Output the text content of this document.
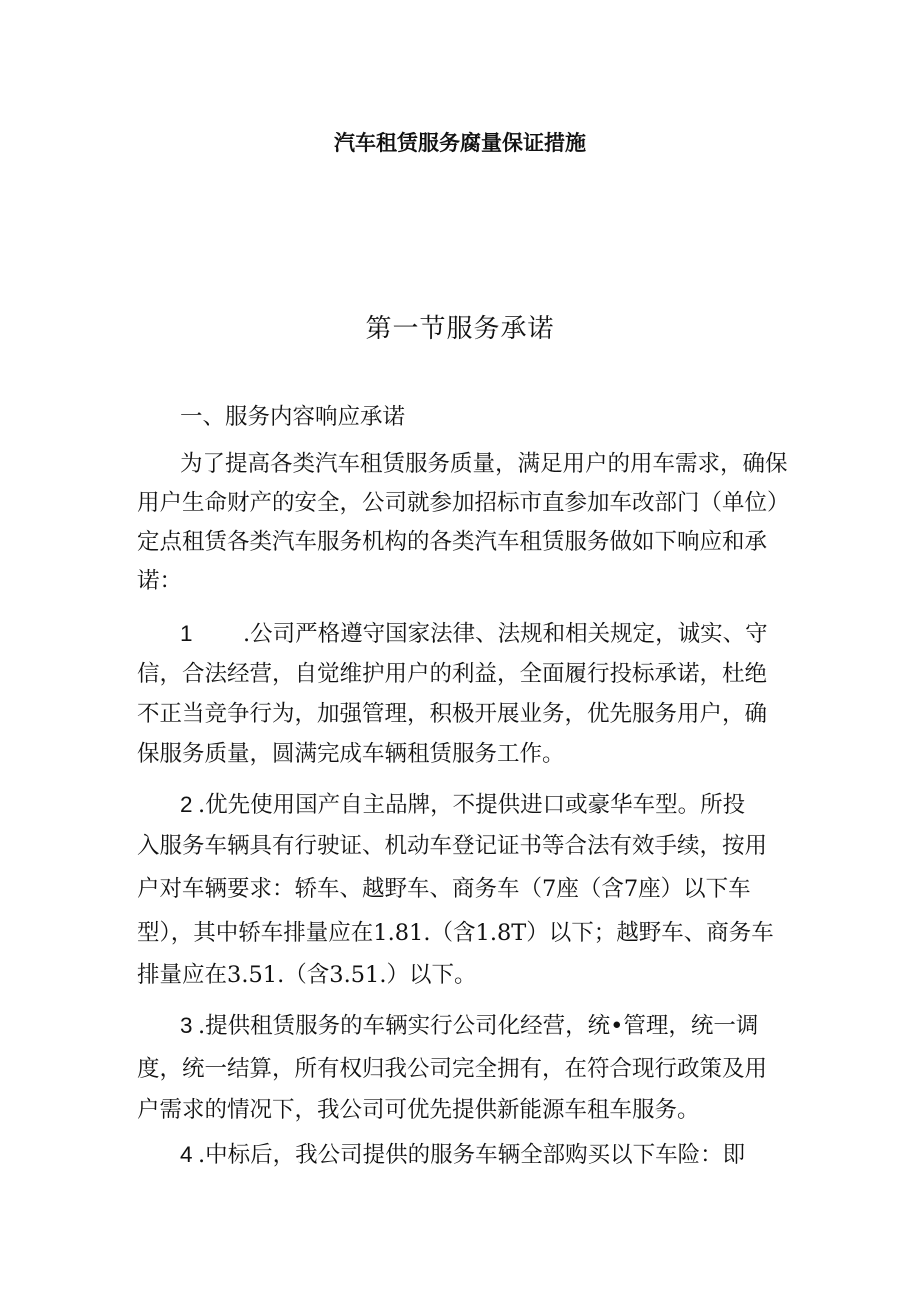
汽车租赁服务腐量保证措施
第一节服务承诺
一、服务内容响应承诺
为了提高各类汽车租赁服务质量，满足用户的用车需求，确保
用户生命财产的安全，公司就参加招标市直参加车改部门（单位）
定点租赁各类汽车服务机构的各类汽车租赁服务做如下响应和承
诺：
1 .公司严格遵守国家法律、法规和相关规定，诚实、守
信，合法经营，自觉维护用户的利益，全面履行投标承诺，杜绝
不正当竞争行为，加强管理，积极开展业务，优先服务用户，确
保服务质量，圆满完成车辆租赁服务工作。
2 .优先使用国产自主品牌，不提供进口或豪华车型。所投
入服务车辆具有行驶证、机动车登记证书等合法有效手续，按用
户对车辆要求：轿车、越野车、商务车（7座（含7座）以下车
型），其中轿车排量应在1.81.（含1.8T）以下；越野车、商务车
排量应在3.51.（含3.51.）以下。
3 .提供租赁服务的车辆实行公司化经营，统•管理，统一调
度，统一结算，所有权归我公司完全拥有，在符合现行政策及用
户需求的情况下，我公司可优先提供新能源车租车服务。
4 .中标后，我公司提供的服务车辆全部购买以下车险：即
